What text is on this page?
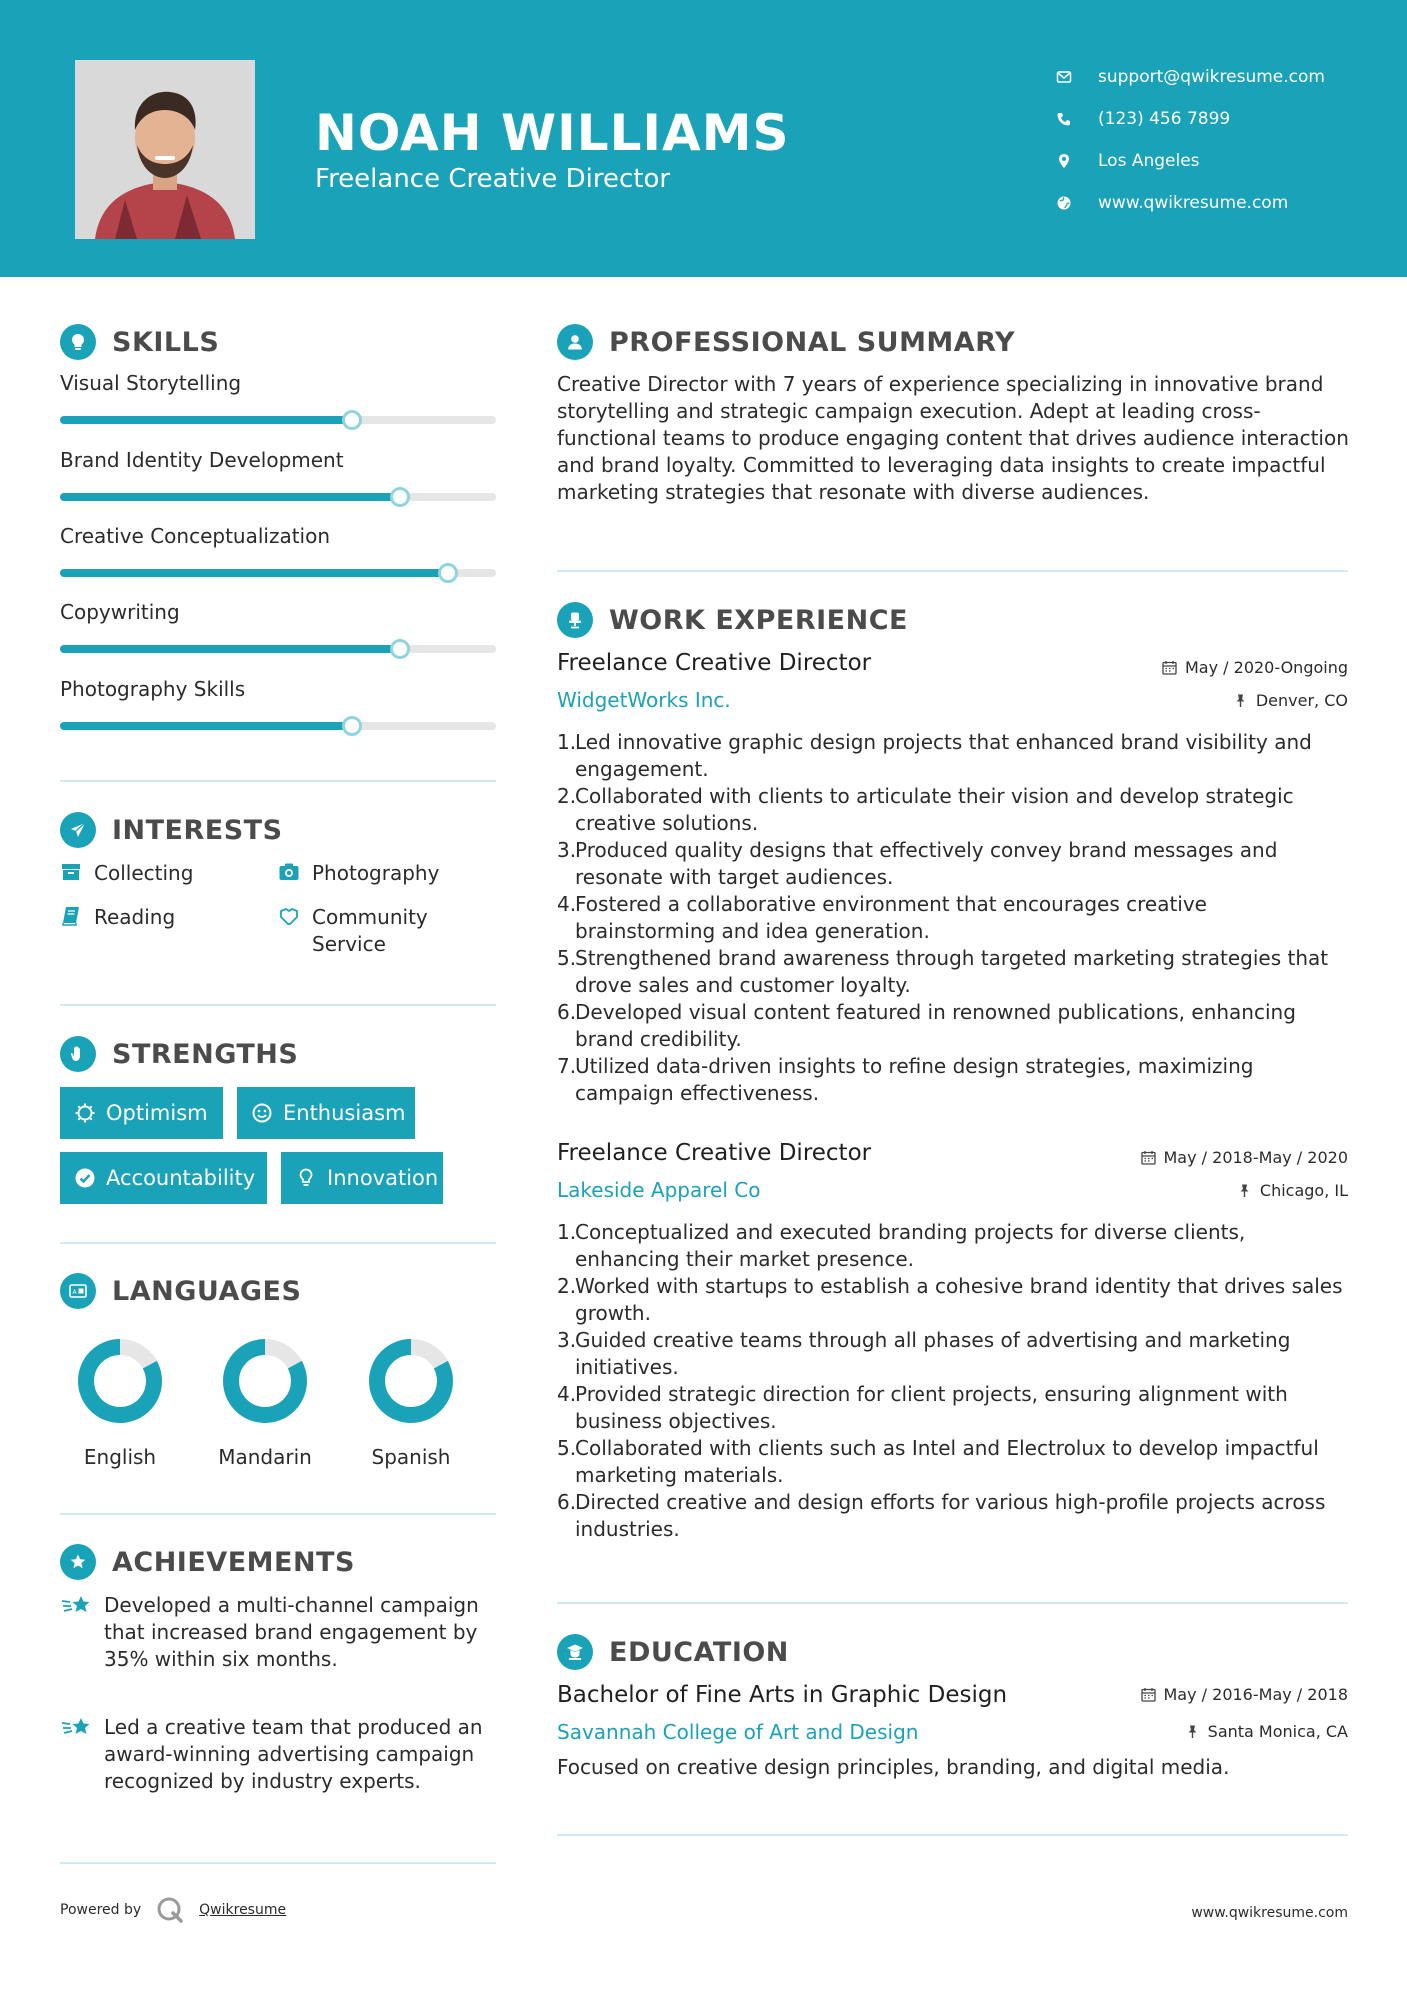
NOAH WILLIAMS
Freelance Creative Director
support@qwikresume.com
(123) 456 7899
Los Angeles
www.qwikresume.com
SKILLS
Visual Storytelling
Brand Identity Development
Creative Conceptualization
Copywriting
Photography Skills
INTERESTS
Collecting	Photography
Reading	Community Service
STRENGTHS
Optimism	Enthusiasm
Accountability	Innovation
A LANGUAGES
English	Mandarin	Spanish
ACHIEVEMENTS
Developed a multi-channel campaign that increased brand engagement by 35% within six months.
Led a creative team that produced an award-winning advertising campaign recognized by industry experts.
PROFESSIONAL SUMMARY
Creative Director with 7 years of experience specializing in innovative brand storytelling and strategic campaign execution. Adept at leading cross-functional teams to produce engaging content that drives audience interaction and brand loyalty. Committed to leveraging data insights to create impactful marketing strategies that resonate with diverse audiences.
WORK EXPERIENCE
Freelance Creative Director
WidgetWorks Inc.
May / 2020-Ongoing
Denver, CO
1.
Led innovative graphic design projects that enhanced brand visibility and engagement.
2.
Collaborated with clients to articulate their vision and develop strategic creative solutions.
3.
Produced quality designs that effectively convey brand messages and resonate with target audiences.
4.
Fostered a collaborative environment that encourages creative brainstorming and idea generation.
5.
Strengthened brand awareness through targeted marketing strategies that drove sales and customer loyalty.
6.
Developed visual content featured in renowned publications, enhancing brand credibility.
7.
Utilized data-driven insights to refine design strategies, maximizing campaign effectiveness.
Freelance Creative Director
Lakeside Apparel Co
May / 2018-May / 2020
Chicago, IL
1.
Conceptualized and executed branding projects for diverse clients, enhancing their market presence.
2.
Worked with startups to establish a cohesive brand identity that drives sales growth.
3.
Guided creative teams through all phases of advertising and marketing initiatives.
4.
Provided strategic direction for client projects, ensuring alignment with business objectives.
5.
Collaborated with clients such as Intel and Electrolux to develop impactful marketing materials.
6.
Directed creative and design efforts for various high-profile projects across industries.
EDUCATION
Bachelor of Fine Arts in Graphic Design
Savannah College of Art and Design
May / 2016-May / 2018
Santa Monica, CA
Focused on creative design principles, branding, and digital media.
Powered by	Qwikresume	www.qwikresume.com
